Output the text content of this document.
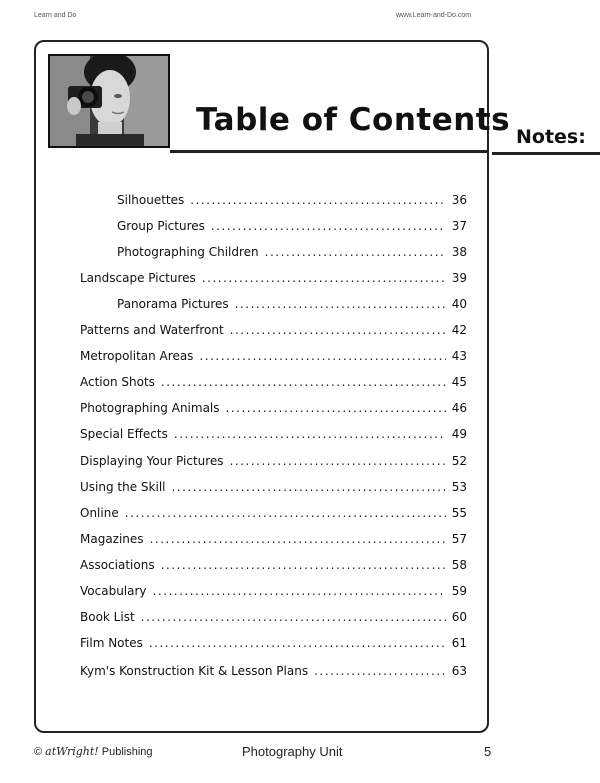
Learn and Do	www.Learn-and-Do.com
Table of Contents Notes:
Silhouettes .....	36
Group Pictures .....	37
Photographing Children .....	38
Landscape Pictures .....	39
Panorama Pictures .....	40
Patterns and Waterfront .....	42
Metropolitan Areas .....	43
Action Shots .....	45
Photographing Animals .....	46
Special Effects .....	49
Displaying Your Pictures .....	52
Using the Skill .....	53
Online .....	55
Magazines .....	57
Associations .....	58
Vocabulary .....	59
Book List .....	60
Film Notes .....	61
Kym's Konstruction Kit & Lesson Plans .....	63
© atWright! Publishing	Photography Unit	5
